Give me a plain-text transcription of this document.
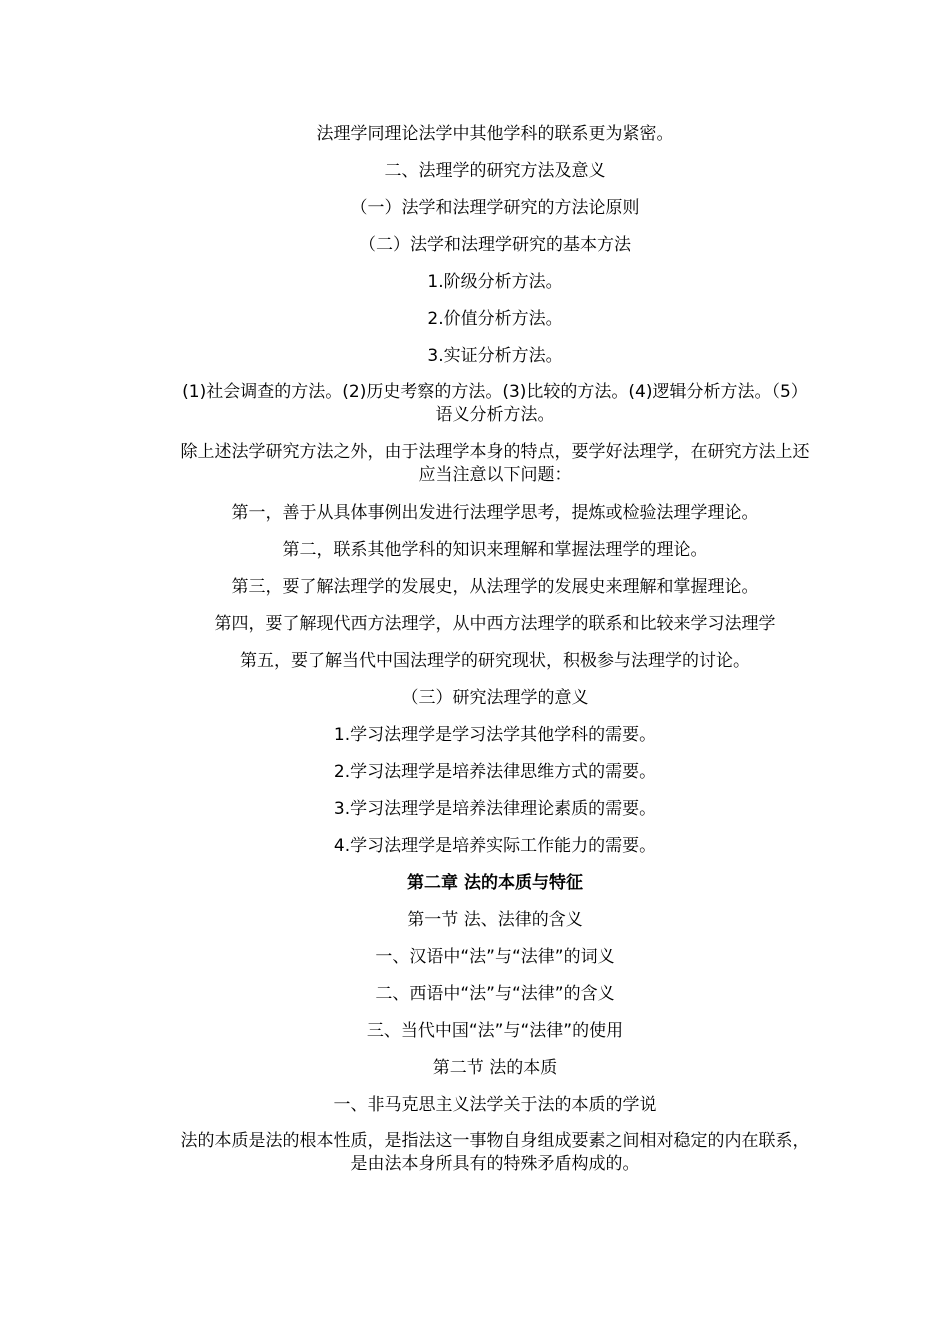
法理学同理论法学中其他学科的联系更为紧密。
二、法理学的研究方法及意义
（一）法学和法理学研究的方法论原则
（二）法学和法理学研究的基本方法
1.阶级分析方法。
2.价值分析方法。
3.实证分析方法。
(1)社会调查的方法。(2)历史考察的方法。(3)比较的方法。(4)逻辑分析方法。（5）语义分析方法。
除上述法学研究方法之外，由于法理学本身的特点，要学好法理学，在研究方法上还应当注意以下问题：
第一，善于从具体事例出发进行法理学思考，提炼或检验法理学理论。
第二，联系其他学科的知识来理解和掌握法理学的理论。
第三，要了解法理学的发展史，从法理学的发展史来理解和掌握理论。
第四，要了解现代西方法理学，从中西方法理学的联系和比较来学习法理学
第五，要了解当代中国法理学的研究现状，积极参与法理学的讨论。
（三）研究法理学的意义
1.学习法理学是学习法学其他学科的需要。
2.学习法理学是培养法律思维方式的需要。
3.学习法理学是培养法律理论素质的需要。
4.学习法理学是培养实际工作能力的需要。
第二章 法的本质与特征
第一节 法、法律的含义
一、汉语中“法”与“法律”的词义
二、西语中“法”与“法律”的含义
三、当代中国“法”与“法律”的使用
第二节 法的本质
一、非马克思主义法学关于法的本质的学说
法的本质是法的根本性质，是指法这一事物自身组成要素之间相对稳定的内在联系，是由法本身所具有的特殊矛盾构成的。
